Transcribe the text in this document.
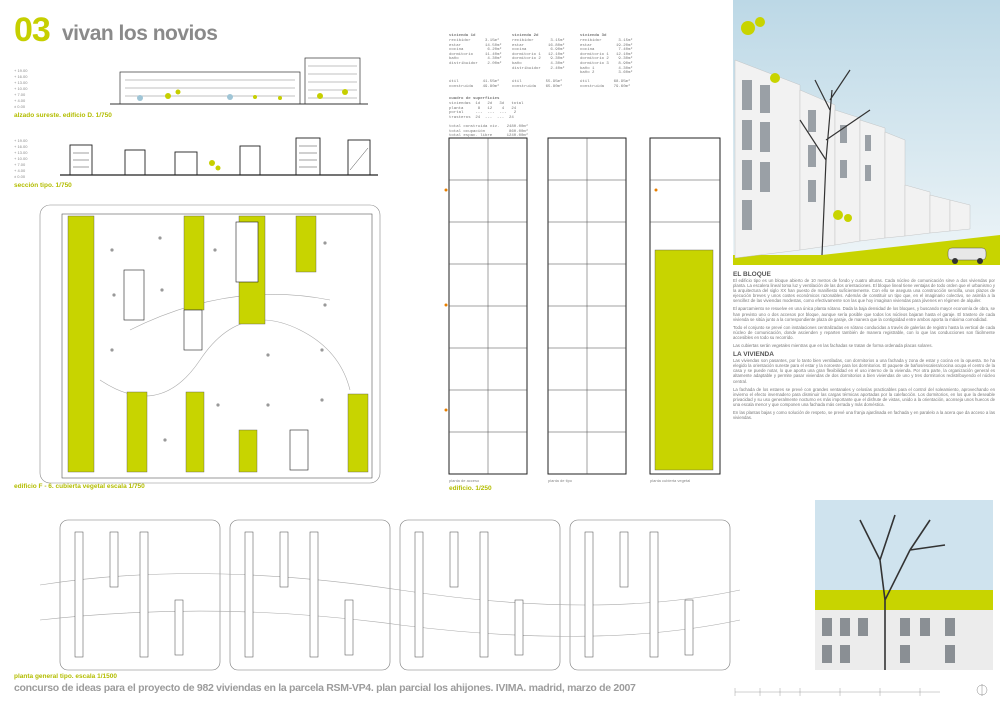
03 vivan los novios
+ 19.00
+ 16.00
+ 13.00
+ 10.00
+ 7.00
+ 4.00
± 0.00
alzado sureste. edificio D. 1/750
+ 19.00
+ 16.00
+ 13.00
+ 10.00
+ 7.00
+ 4.00
± 0.00
sección tipo. 1/750
edificio F - 6. cubierta vegetal escala 1/750
planta de acceso	planta de tipo	planta cubierta vegetal
edificio. 1/250
vivienda 1d
recibidor      3.15m²
estar          14.50m²
cocina          6.20m²
dormitorio     11.40m²
baño            4.30m²
distribuidor    2.00m²

útil          41.55m²
construida    49.80m²
vivienda 2d
recibidor       3.15m²
estar          16.80m²
cocina          6.90m²
dormitorio 1   12.10m²
dormitorio 2    9.30m²
baño            4.30m²
distribuidor    2.40m²

útil          55.95m²
construida    65.80m²
vivienda 3d
recibidor       3.15m²
estar          19.20m²
cocina          7.40m²
dormitorio 1   12.10m²
dormitorio 2    9.30m²
dormitorio 3    8.90m²
baño 1          4.30m²
baño 2          3.60m²

útil          68.95m²
construida    79.60m²
cuadro de superficies
viviendas  1d   2d   3d   total
planta      8   12    4   24
portal     ---  ---  ---   2
trasteros  24  ---  ---  24

total construida viv.   2480.00m²
total ocupación          860.00m²
total espac. libre      1240.00m²
EL BLOQUE

El edificio tipo es un bloque abierto de 10 metros de fondo y cuatro alturas. Cada núcleo de comunicación sirve a dos viviendas por planta. La escalera lineal toma luz y ventilación de las dos orientaciones. El bloque lineal tiene ventajas de todo orden que el urbanismo y la arquitectura del siglo XX han puesto de manifiesto suficientemente. Con ello se asegura una construcción sencilla, unos plazos de ejecución breves y unos costes económicos razonables. Además de constituir un tipo que, en el imaginario colectivo, se asimila a la sencillez de las viviendas modestas, como efectivamente son las que hoy imaginan viviendas para jóvenes en régimen de alquiler.

El aparcamiento se resuelve en una única planta sótano. Dada la baja densidad de los bloques, y buscando mayor economía de obra, se han previsto uno o dos accesos por bloque, aunque sería posible que todos los núcleos bajaran hasta el garaje. El trastero de cada vivienda se sitúa junto a la correspondiente plaza de garaje, de manera que la contigüidad entre ambos aporta la máxima comodidad.

Todo el conjunto se prevé con instalaciones centralizadas en sótano conducidas a través de galerías de registro hasta la vertical de cada núcleo de comunicación, donde ascienden y reparten también de manera registrable, con lo que las conducciones son fácilmente accesibles en todo su recorrido.

Las cubiertas serán vegetales mientras que en las fachadas se tratan de forma ordenada placas solares.

LA VIVIENDA

Las viviendas son pasantes, por lo tanto bien ventiladas, con dormitorios a una fachada y zona de estar y cocina en la opuesta. Se ha elegido la orientación sureste para el estar y la noroeste para los dormitorios. El paquete de baños/escalera/cocina ocupa el centro de la casa y se puede notar, lo que aporta una gran flexibilidad en el uso interno de la vivienda. Por otra parte, la organización general es altamente adaptable y permite pasar viviendas de dos dormitorios a bien viviendas de uno y tres dormitorios redistribuyendo el núcleo central.

La fachada de los estares se prevé con grandes ventanales y celosías practicables para el control del soleamiento, aprovechando en invierno el efecto invernadero para disminuir las cargas térmicas aportadas por la calefacción. Los dormitorios, en los que la deseable privacidad y su uso generalmente nocturno es más importante que el disfrute de vistas, unido a la orientación, aconseja unos huecos de una escala menor y que componen una fachada más cerrada y más doméstica.

En las plantas bajas y como solución de respeto, se prevé una franja ajardinada en fachada y en paralelo a la acera que da acceso a las viviendas.

planta general tipo. escala 1/1500
concurso de ideas para el proyecto de 982 viviendas en la parcela RSM-VP4. plan parcial los ahijones. IVIMA. madrid, marzo de 2007
